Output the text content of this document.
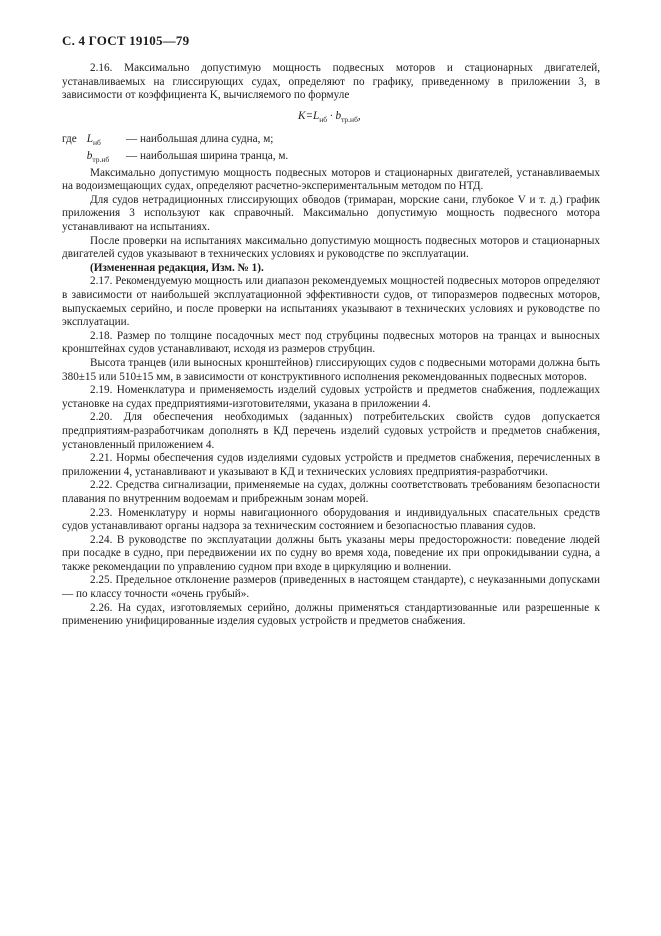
С. 4 ГОСТ 19105—79

2.16. Максимально допустимую мощность подвесных моторов и стационарных двигателей, устанавливаемых на глиссирующих судах, определяют по графику, приведенному в приложении 3, в зависимости от коэффициента K, вычисляемого по формуле

$K=L_{нб} \cdot b_{тр.нб}$,
где $L_{нб}$	— наибольшая длина судна, м;
$b_{тр.нб}$	— наибольшая ширина транца, м.

Максимально допустимую мощность подвесных моторов и стационарных двигателей, устанавливаемых на водоизмещающих судах, определяют расчетно-экспериментальным методом по НТД.

Для судов нетрадиционных глиссирующих обводов (тримаран, морские сани, глубокое V и т. д.) график приложения 3 используют как справочный. Максимально допустимую мощность подвесного мотора устанавливают на испытаниях.

После проверки на испытаниях максимально допустимую мощность подвесных моторов и стационарных двигателей судов указывают в технических условиях и руководстве по эксплуатации.

(Измененная редакция, Изм. № 1).

2.17. Рекомендуемую мощность или диапазон рекомендуемых мощностей подвесных моторов определяют в зависимости от наибольшей эксплуатационной эффективности судов, от типоразмеров подвесных моторов, выпускаемых серийно, и после проверки на испытаниях указывают в технических условиях и руководстве по эксплуатации.

2.18. Размер по толщине посадочных мест под струбцины подвесных моторов на транцах и выносных кронштейнах судов устанавливают, исходя из размеров струбцин.

Высота транцев (или выносных кронштейнов) глиссирующих судов с подвесными моторами должна быть 380±15 или 510±15 мм, в зависимости от конструктивного исполнения рекомендованных подвесных моторов.

2.19. Номенклатура и применяемость изделий судовых устройств и предметов снабжения, подлежащих установке на судах предприятиями-изготовителями, указана в приложении 4.

2.20. Для обеспечения необходимых (заданных) потребительских свойств судов допускается предприятиям-разработчикам дополнять в КД перечень изделий судовых устройств и предметов снабжения, установленный приложением 4.

2.21. Нормы обеспечения судов изделиями судовых устройств и предметов снабжения, перечисленных в приложении 4, устанавливают и указывают в КД и технических условиях предприятия-разработчики.

2.22. Средства сигнализации, применяемые на судах, должны соответствовать требованиям безопасности плавания по внутренним водоемам и прибрежным зонам морей.

2.23. Номенклатуру и нормы навигационного оборудования и индивидуальных спасательных средств судов устанавливают органы надзора за техническим состоянием и безопасностью плавания судов.

2.24. В руководстве по эксплуатации должны быть указаны меры предосторожности: поведение людей при посадке в судно, при передвижении их по судну во время хода, поведение их при опрокидывании судна, а также рекомендации по управлению судном при входе в циркуляцию и волнении.

2.25. Предельное отклонение размеров (приведенных в настоящем стандарте), с неуказанными допусками — по классу точности «очень грубый».

2.26. На судах, изготовляемых серийно, должны применяться стандартизованные или разрешенные к применению унифицированные изделия судовых устройств и предметов снабжения.
